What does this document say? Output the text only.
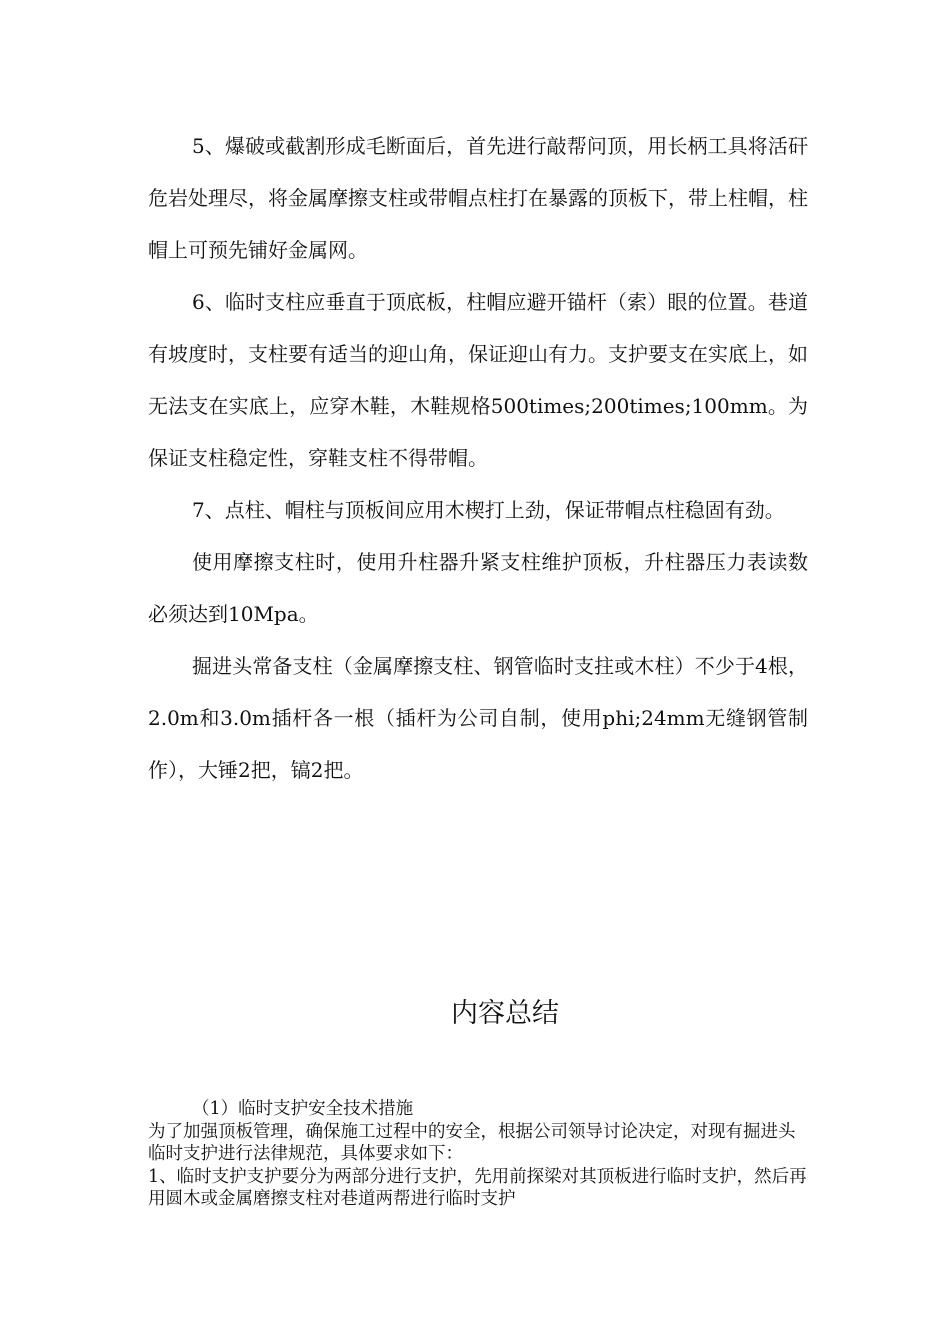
5、爆破或截割形成毛断面后，首先进行敲帮问顶，用长柄工具将活矸危岩处理尽，将金属摩擦支柱或带帽点柱打在暴露的顶板下，带上柱帽，柱帽上可预先铺好金属网。

6、临时支柱应垂直于顶底板，柱帽应避开锚杆（索）眼的位置。巷道有坡度时，支柱要有适当的迎山角，保证迎山有力。支护要支在实底上，如无法支在实底上，应穿木鞋，木鞋规格500times;200times;100mm。为保证支柱稳定性，穿鞋支柱不得带帽。

7、点柱、帽柱与顶板间应用木楔打上劲，保证带帽点柱稳固有劲。

使用摩擦支柱时，使用升柱器升紧支柱维护顶板，升柱器压力表读数必须达到10Mpa。

掘进头常备支柱（金属摩擦支柱、钢管临时支拄或木柱）不少于4根，2.0m和3.0m插杆各一根（插杆为公司自制，使用phi;24mm无缝钢管制作），大锤2把，镐2把。

内容总结

（1）临时支护安全技术措施

为了加强顶板管理，确保施工过程中的安全，根据公司领导讨论决定，对现有掘进头临时支护进行法律规范，具体要求如下：

1、临时支护支护要分为两部分进行支护，先用前探梁对其顶板进行临时支护，然后再用圆木或金属磨擦支柱对巷道两帮进行临时支护
